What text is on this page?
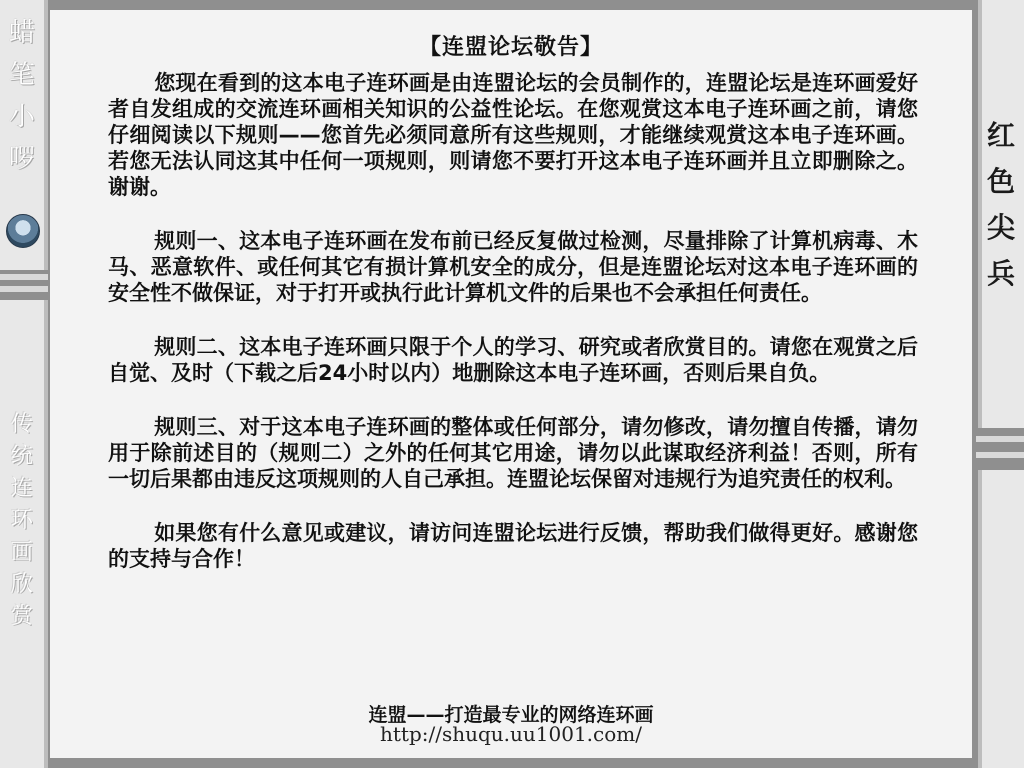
蜡
笔
小
啰
传
统
连
环
画
欣
赏
红
色
尖
兵
【连盟论坛敬告】

您现在看到的这本电子连环画是由连盟论坛的会员制作的，连盟论坛是连环画爱好者自发组成的交流连环画相关知识的公益性论坛。在您观赏这本电子连环画之前，请您仔细阅读以下规则——您首先必须同意所有这些规则，才能继续观赏这本电子连环画。若您无法认同这其中任何一项规则，则请您不要打开这本电子连环画并且立即删除之。谢谢。

规则一、这本电子连环画在发布前已经反复做过检测，尽量排除了计算机病毒、木马、恶意软件、或任何其它有损计算机安全的成分，但是连盟论坛对这本电子连环画的安全性不做保证，对于打开或执行此计算机文件的后果也不会承担任何责任。

规则二、这本电子连环画只限于个人的学习、研究或者欣赏目的。请您在观赏之后自觉、及时（下载之后24小时以内）地删除这本电子连环画，否则后果自负。

规则三、对于这本电子连环画的整体或任何部分，请勿修改，请勿擅自传播，请勿用于除前述目的（规则二）之外的任何其它用途，请勿以此谋取经济利益！否则，所有一切后果都由违反这项规则的人自己承担。连盟论坛保留对违规行为追究责任的权利。

如果您有什么意见或建议，请访问连盟论坛进行反馈，帮助我们做得更好。感谢您的支持与合作！

连盟——打造最专业的网络连环画
http://shuqu.uu1001.com/
